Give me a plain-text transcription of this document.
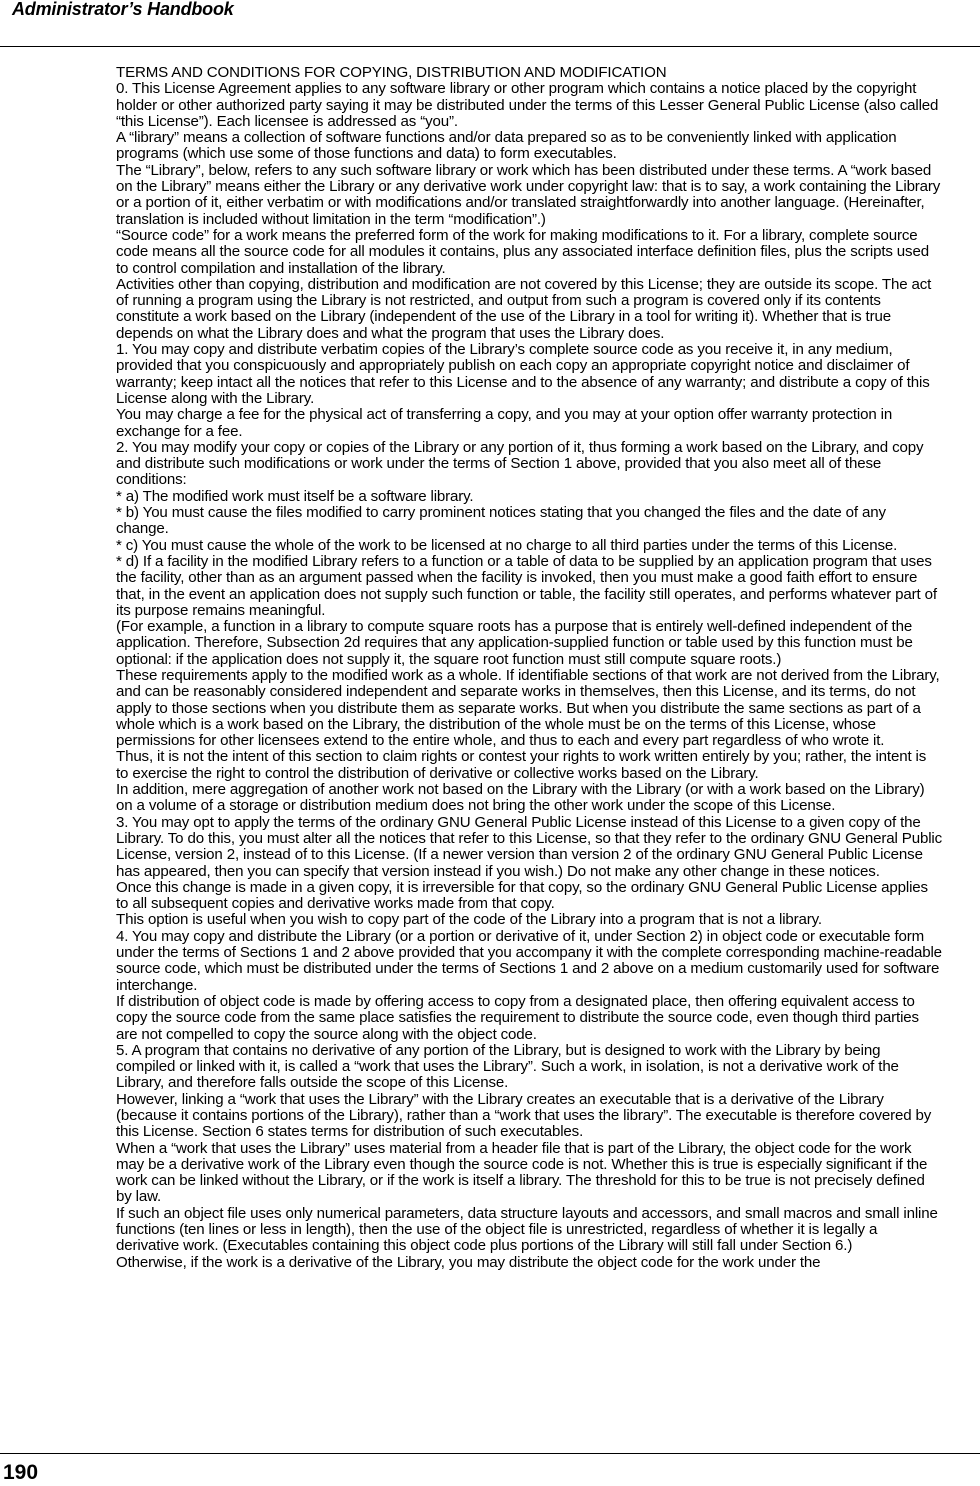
Administrator’s Handbook

TERMS AND CONDITIONS FOR COPYING, DISTRIBUTION AND MODIFICATION

0. This License Agreement applies to any software library or other program which contains a notice placed by the copyright holder or other authorized party saying it may be distributed under the terms of this Lesser General Public License (also called “this License”). Each licensee is addressed as “you”.

A “library” means a collection of software functions and/or data prepared so as to be conveniently linked with application programs (which use some of those functions and data) to form executables.

The “Library”, below, refers to any such software library or work which has been distributed under these terms. A “work based on the Library” means either the Library or any derivative work under copyright law: that is to say, a work containing the Library or a portion of it, either verbatim or with modifications and/or translated straightforwardly into another language. (Hereinafter, translation is included without limitation in the term “modification”.)

“Source code” for a work means the preferred form of the work for making modifications to it. For a library, complete source code means all the source code for all modules it contains, plus any associated interface definition files, plus the scripts used to control compilation and installation of the library.

Activities other than copying, distribution and modification are not covered by this License; they are outside its scope. The act of running a program using the Library is not restricted, and output from such a program is covered only if its contents constitute a work based on the Library (independent of the use of the Library in a tool for writing it). Whether that is true depends on what the Library does and what the program that uses the Library does.

1. You may copy and distribute verbatim copies of the Library’s complete source code as you receive it, in any medium, provided that you conspicuously and appropriately publish on each copy an appropriate copyright notice and disclaimer of warranty; keep intact all the notices that refer to this License and to the absence of any warranty; and distribute a copy of this License along with the Library.

You may charge a fee for the physical act of transferring a copy, and you may at your option offer warranty protection in exchange for a fee.

2. You may modify your copy or copies of the Library or any portion of it, thus forming a work based on the Library, and copy and distribute such modifications or work under the terms of Section 1 above, provided that you also meet all of these conditions:

* a) The modified work must itself be a software library.

* b) You must cause the files modified to carry prominent notices stating that you changed the files and the date of any change.

* c) You must cause the whole of the work to be licensed at no charge to all third parties under the terms of this License.

* d) If a facility in the modified Library refers to a function or a table of data to be supplied by an application program that uses the facility, other than as an argument passed when the facility is invoked, then you must make a good faith effort to ensure that, in the event an application does not supply such function or table, the facility still operates, and performs whatever part of its purpose remains meaningful.

(For example, a function in a library to compute square roots has a purpose that is entirely well-defined independent of the application. Therefore, Subsection 2d requires that any application-supplied function or table used by this function must be optional: if the application does not supply it, the square root function must still compute square roots.)

These requirements apply to the modified work as a whole. If identifiable sections of that work are not derived from the Library, and can be reasonably considered independent and separate works in themselves, then this License, and its terms, do not apply to those sections when you distribute them as separate works. But when you distribute the same sections as part of a whole which is a work based on the Library, the distribution of the whole must be on the terms of this License, whose permissions for other licensees extend to the entire whole, and thus to each and every part regardless of who wrote it.

Thus, it is not the intent of this section to claim rights or contest your rights to work written entirely by you; rather, the intent is to exercise the right to control the distribution of derivative or collective works based on the Library.

In addition, mere aggregation of another work not based on the Library with the Library (or with a work based on the Library) on a volume of a storage or distribution medium does not bring the other work under the scope of this License.

3. You may opt to apply the terms of the ordinary GNU General Public License instead of this License to a given copy of the Library. To do this, you must alter all the notices that refer to this License, so that they refer to the ordinary GNU General Public License, version 2, instead of to this License. (If a newer version than version 2 of the ordinary GNU General Public License has appeared, then you can specify that version instead if you wish.) Do not make any other change in these notices.

Once this change is made in a given copy, it is irreversible for that copy, so the ordinary GNU General Public License applies to all subsequent copies and derivative works made from that copy.

This option is useful when you wish to copy part of the code of the Library into a program that is not a library.

4. You may copy and distribute the Library (or a portion or derivative of it, under Section 2) in object code or executable form under the terms of Sections 1 and 2 above provided that you accompany it with the complete corresponding machine-readable source code, which must be distributed under the terms of Sections 1 and 2 above on a medium customarily used for software interchange.

If distribution of object code is made by offering access to copy from a designated place, then offering equivalent access to copy the source code from the same place satisfies the requirement to distribute the source code, even though third parties are not compelled to copy the source along with the object code.

5. A program that contains no derivative of any portion of the Library, but is designed to work with the Library by being compiled or linked with it, is called a “work that uses the Library”. Such a work, in isolation, is not a derivative work of the Library, and therefore falls outside the scope of this License.

However, linking a “work that uses the Library” with the Library creates an executable that is a derivative of the Library (because it contains portions of the Library), rather than a “work that uses the library”. The executable is therefore covered by this License. Section 6 states terms for distribution of such executables.

When a “work that uses the Library” uses material from a header file that is part of the Library, the object code for the work may be a derivative work of the Library even though the source code is not. Whether this is true is especially significant if the work can be linked without the Library, or if the work is itself a library. The threshold for this to be true is not precisely defined by law.

If such an object file uses only numerical parameters, data structure layouts and accessors, and small macros and small inline functions (ten lines or less in length), then the use of the object file is unrestricted, regardless of whether it is legally a derivative work. (Executables containing this object code plus portions of the Library will still fall under Section 6.)

Otherwise, if the work is a derivative of the Library, you may distribute the object code for the work under the

190
